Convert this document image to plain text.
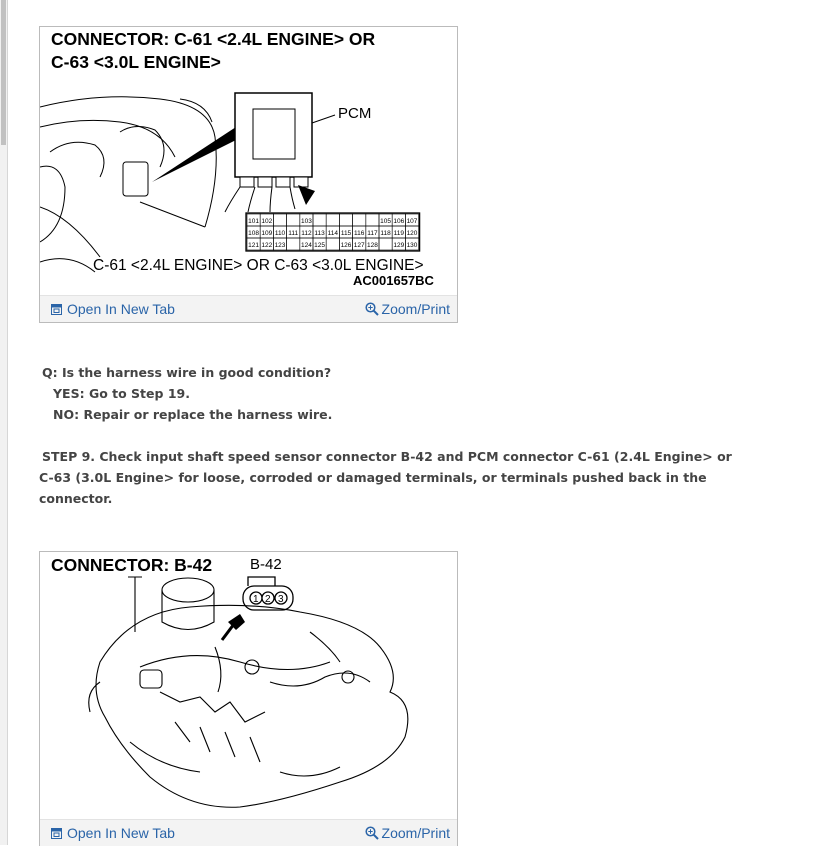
CONNECTOR: C-61 <2.4L ENGINE> OR
C-63 <3.0L ENGINE>
PCM
101 102	103	105 106 107
108 109 110 111 112 113 114 115 116 117 118 119 120
121 122 123 124 125 126 127 128 129 130
C-61 <2.4L ENGINE> OR C-63 <3.0L ENGINE>
AC001657BC
Open In New Tab	Zoom/Print
Q: Is the harness wire in good condition?
YES: Go to Step 19.
NO: Repair or replace the harness wire.
STEP 9. Check input shaft speed sensor connector B-42 and PCM connector C-61 (2.4L Engine> or
C-63 (3.0L Engine> for loose, corroded or damaged terminals, or terminals pushed back in the
connector.
CONNECTOR: B-42	B-42
1 2 3
Open In New Tab	Zoom/Print
